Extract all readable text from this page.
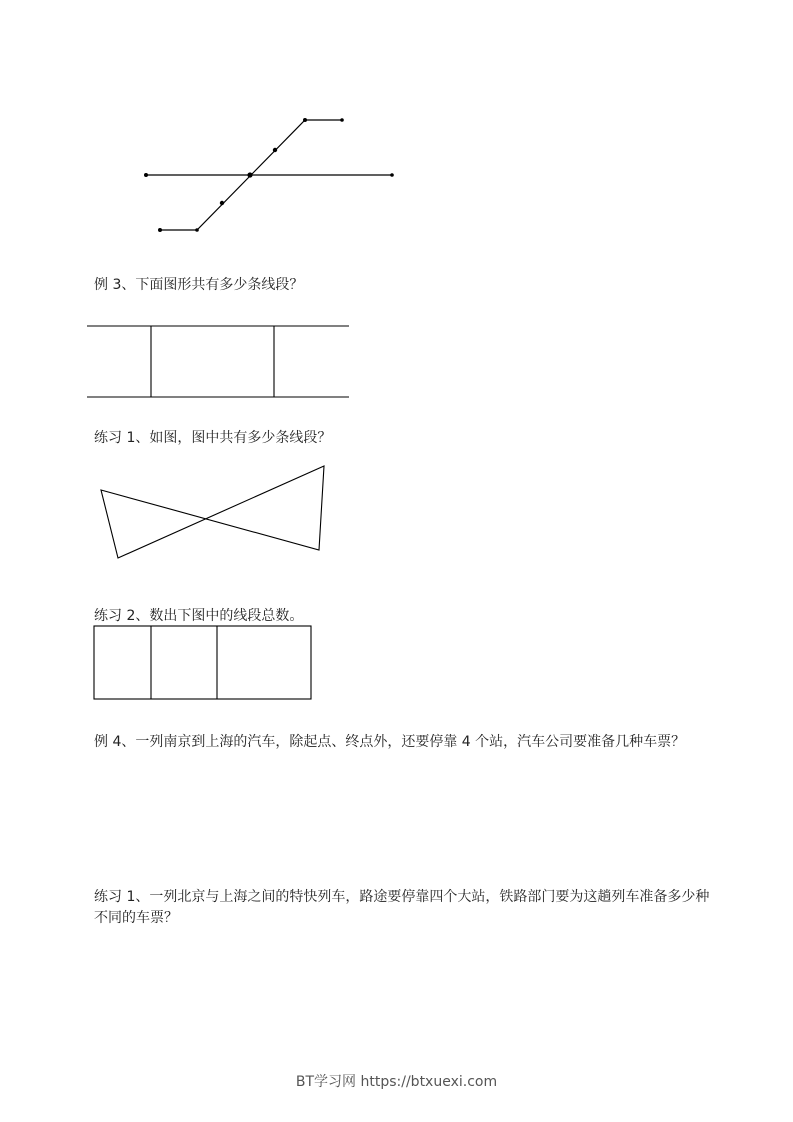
例 3、下面图形共有多少条线段？
练习 1、如图，图中共有多少条线段？
练习 2、数出下图中的线段总数。
例 4、一列南京到上海的汽车，除起点、终点外，还要停靠 4 个站，汽车公司要准备几种车票？
练习 1、一列北京与上海之间的特快列车，路途要停靠四个大站，铁路部门要为这趟列车准备多少种不同的车票？
BT学习网 https://btxuexi.com
